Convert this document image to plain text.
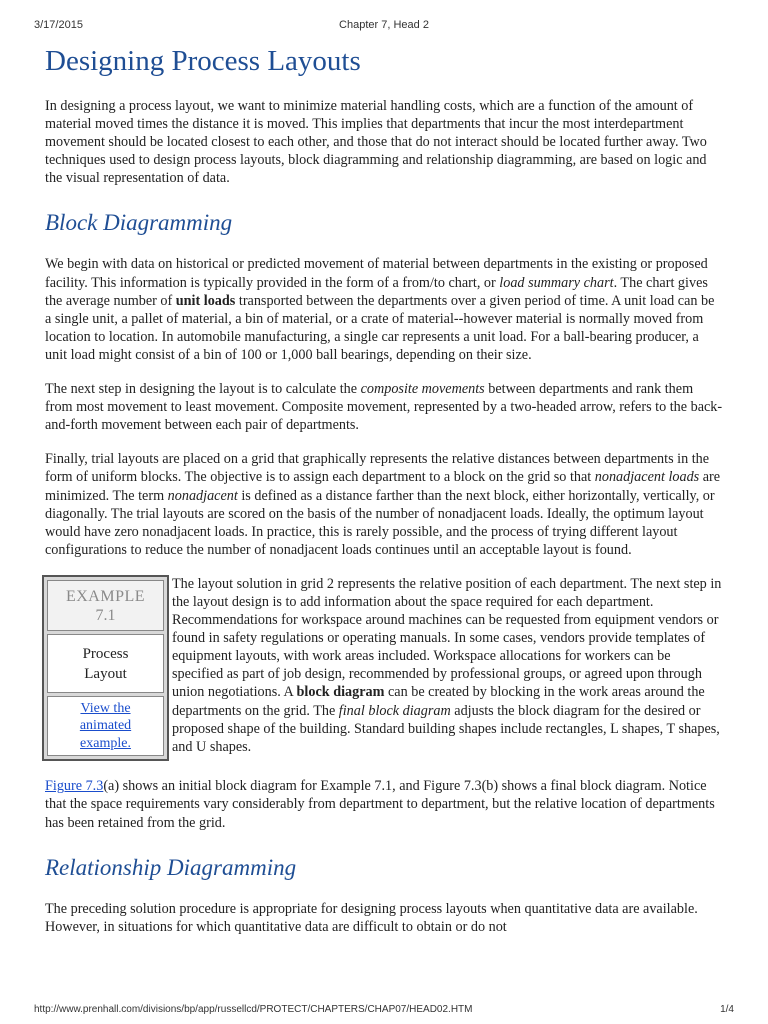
3/17/2015	Chapter 7, Head 2
Designing Process Layouts

In designing a process layout, we want to minimize material handling costs, which are a function of the amount of material moved times the distance it is moved. This implies that departments that incur the most interdepartment movement should be located closest to each other, and those that do not interact should be located further away. Two techniques used to design process layouts, block diagramming and relationship diagramming, are based on logic and the visual representation of data.

Block Diagramming

We begin with data on historical or predicted movement of material between departments in the existing or proposed facility. This information is typically provided in the form of a from/to chart, or load summary chart. The chart gives the average number of unit loads transported between the departments over a given period of time. A unit load can be a single unit, a pallet of material, a bin of material, or a crate of material--however material is normally moved from location to location. In automobile manufacturing, a single car represents a unit load. For a ball-bearing producer, a unit load might consist of a bin of 100 or 1,000 ball bearings, depending on their size.

The next step in designing the layout is to calculate the composite movements between departments and rank them from most movement to least movement. Composite movement, represented by a two-headed arrow, refers to the back-and-forth movement between each pair of departments.

Finally, trial layouts are placed on a grid that graphically represents the relative distances between departments in the form of uniform blocks. The objective is to assign each department to a block on the grid so that nonadjacent loads are minimized. The term nonadjacent is defined as a distance farther than the next block, either horizontally, vertically, or diagonally. The trial layouts are scored on the basis of the number of nonadjacent loads. Ideally, the optimum layout would have zero nonadjacent loads. In practice, this is rarely possible, and the process of trying different layout configurations to reduce the number of nonadjacent loads continues until an acceptable layout is found.

EXAMPLE
7.1
Process
Layout
View the
animated
example.

The layout solution in grid 2 represents the relative position of each department. The next step in the layout design is to add information about the space required for each department. Recommendations for workspace around machines can be requested from equipment vendors or found in safety regulations or operating manuals. In some cases, vendors provide templates of equipment layouts, with work areas included. Workspace allocations for workers can be specified as part of job design, recommended by professional groups, or agreed upon through union negotiations. A block diagram can be created by blocking in the work areas around the departments on the grid. The final block diagram adjusts the block diagram for the desired or proposed shape of the building. Standard building shapes include rectangles, L shapes, T shapes, and U shapes.

Figure 7.3(a) shows an initial block diagram for Example 7.1, and Figure 7.3(b) shows a final block diagram. Notice that the space requirements vary considerably from department to department, but the relative location of departments has been retained from the grid.

Relationship Diagramming

The preceding solution procedure is appropriate for designing process layouts when quantitative data are available. However, in situations for which quantitative data are difficult to obtain or do not

http://www.prenhall.com/divisions/bp/app/russellcd/PROTECT/CHAPTERS/CHAP07/HEAD02.HTM	1/4
